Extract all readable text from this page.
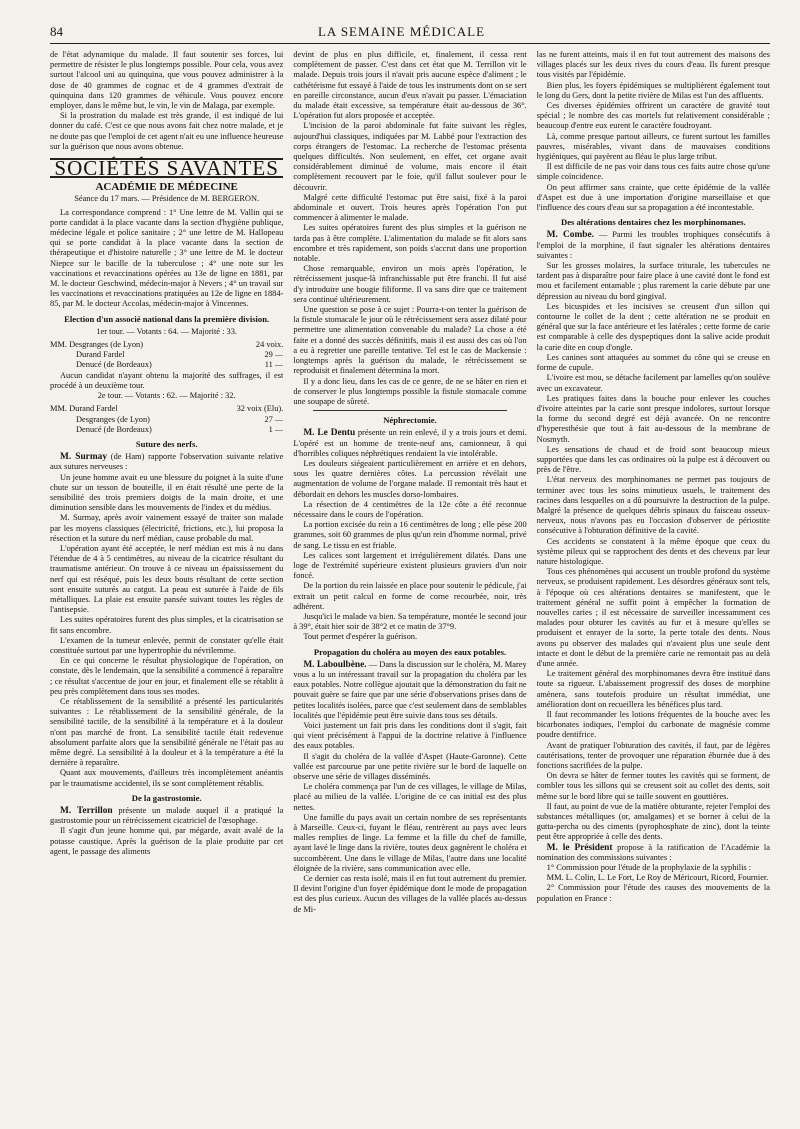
84	LA SEMAINE MÉDICALE

de l'état adynamique du malade. Il faut soutenir ses forces, lui permettre de résister le plus longtemps possible. Pour cela, vous avez surtout l'alcool uni au quinquina, que vous pouvez administrer à la dose de 40 grammes de cognac et de 4 grammes d'extrait de quinquina dans 120 grammes de véhicule. Vous pouvez encore employer, dans le même but, le vin, le vin de Malaga, par exemple.

Si la prostration du malade est très grande, il est indiqué de lui donner du café. C'est ce que nous avons fait chez notre malade, et je ne doute pas que l'emploi de cet agent n'ait eu une influence heureuse sur la guérison que nous avons obtenue.

SOCIÉTÉS SAVANTES
ACADÉMIE DE MÉDECINE
Séance du 17 mars. — Présidence de M. BERGERON.

La correspondance comprend : 1° Une lettre de M. Vallin qui se porte candidat à la place vacante dans la section d'hygiène publique, médecine légale et police sanitaire ; 2° une lettre de M. Hallopeau qui se porte candidat à la place vacante dans la section de thérapeutique et d'histoire naturelle ; 3° une lettre de M. le docteur Niepce sur le bacille de la tuberculose ; 4° une note sur les vaccinations et revaccinations opérées au 13e de ligne en 1881, par M. le docteur Geschwind, médecin-major à Nevers ; 4° un travail sur les vaccinations et revaccinations pratiquées au 12e de ligne en 1884-85, par M. le docteur Accolas, médecin-major à Vincennes.

Election d'un associé national dans la première division.
1er tour. — Votants : 64. — Majorité : 33.
MM. Desgranges (de Lyon)	24 voix.
Durand Fardel	29 —
Denucé (de Bordeaux)	11 —

Aucun candidat n'ayant obtenu la majorité des suffrages, il est procédé à un deuxième tour.

2e tour. — Votants : 62. — Majorité : 32.
MM. Durand Fardel	32 voix (Elu).
Desgranges (de Lyon)	27 —
Denucé (de Bordeaux)	1 —
Suture des nerfs.

M. Surmay (de Ham) rapporte l'observation suivante relative aux sutures nerveuses :

Un jeune homme avait eu une blessure du poignet à la suite d'une chute sur un tesson de bouteille, il en était résulté une perte de la sensibilité des trois premiers doigts de la main droite, et une diminution sensible dans les mouvements de l'index et du médius.

M. Surmay, après avoir vainement essayé de traiter son malade par les moyens classiques (électricité, frictions, etc.), lui proposa la résection et la suture du nerf médian, cause probable du mal.

L'opération ayant été acceptée, le nerf médian est mis à nu dans l'étendue de 4 à 5 centimètres, au niveau de la cicatrice résultant du traumatisme antérieur. On trouve à ce niveau un épaississement du nerf qui est réséqué, puis les deux bouts résultant de cette section sont ensuite suturés au catgut. La peau est suturée à l'aide de fils métalliques. La plaie est ensuite pansée suivant toutes les règles de l'antisepsie.

Les suites opératoires furent des plus simples, et la cicatrisation se fit sans encombre.

L'examen de la tumeur enlevée, permit de constater qu'elle était constituée surtout par une hypertrophie du névrilemme.

En ce qui concerne le résultat physiologique de l'opération, on constate, dès le lendemain, que la sensibilité a commencé à reparaître ; ce résultat s'accentue de jour en jour, et finalement elle se rétablit à peu près complètement dans tous ses modes.

Ce rétablissement de la sensibilité a présenté les particularités suivantes : Le rétablissement de la sensibilité générale, de la sensibilité tactile, de la sensibilité à la température et à la douleur n'ont pas marché de front. La sensibilité tactile était redevenue absolument parfaite alors que la sensibilité générale ne l'était pas au même degré. La sensibilité à la douleur et à la température a été la dernière à reparaître.

Quant aux mouvements, d'ailleurs très incomplètement anéantis par le traumatisme accidentel, ils se sont complètement rétablis.

De la gastrostomie.

M. Terrillon présente un malade auquel il a pratiqué la gastrostomie pour un rétrécissement cicatriciel de l'œsophage.

Il s'agit d'un jeune homme qui, par mégarde, avait avalé de la potasse caustique. Après la guérison de la plaie produite par cet agent, le passage des aliments

devint de plus en plus difficile, et, finalement, il cessa rent complètement de passer. C'est dans cet état que M. Terrillon vit le malade. Depuis trois jours il n'avait pris aucune espèce d'aliment ; le cathétérisme fut essayé à l'aide de tous les instruments dont on se sert en pareille circonstance, aucun d'eux n'avait pu passer. L'émaciation du malade était excessive, sa température était au-dessous de 36°. L'opération fut alors proposée et acceptée.

L'incision de la paroi abdominale fut faite suivant les règles, aujourd'hui classiques, indiquées par M. Labbé pour l'extraction des corps étrangers de l'estomac. La recherche de l'estomac présenta quelques difficultés. Non seulement, en effet, cet organe avait considérablement diminué de volume, mais encore il était complètement recouvert par le foie, qu'il fallut soulever pour le découvrir.

Malgré cette difficulté l'estomac put être saisi, fixé à la paroi abdominale et ouvert. Trois heures après l'opération l'on put commencer à alimenter le malade.

Les suites opératoires furent des plus simples et la guérison ne tarda pas à être complète. L'alimentation du malade se fit alors sans encombre et très rapidement, son poids s'accrut dans une proportion notable.

Chose remarquable, environ un mois après l'opération, le rétrécissement jusque-là infranchissable put être franchi. Il fut aisé d'y introduire une bougie filiforme. Il va sans dire que ce traitement sera continué ultérieurement.

Une question se pose à ce sujet : Pourra-t-on tenter la guérison de la fistule stomacale le jour où le rétrécissement sera assez dilaté pour permettre une alimentation convenable du malade? La chose a été faite et a donné des succès définitifs, mais il est aussi des cas où l'on a eu à regretter une pareille tentative. Tel est le cas de Mackensie : longtemps après la guérison du malade, le rétrécissement se reproduisit et finalement détermina la mort.

Il y a donc lieu, dans les cas de ce genre, de ne se hâter en rien et de conserver le plus longtemps possible la fistule stomacale comme une soupape de sûreté.

Néphrectomie.

M. Le Dentu présente un rein enlevé, il y a trois jours et demi. L'opéré est un homme de trente-neuf ans, camionneur, â qui d'horribles coliques néphrétiques rendaient la vie intolérable.

Les douleurs siégeaient particulièrement en arrière et en dehors, sous les quatre dernières côtes. La percussion révélait une augmentation de volume de l'organe malade. Il remontait très haut et débordait en dehors les muscles dorso-lombaires.

La résection de 4 centimètres de la 12e côte a été reconnue nécessaire dans le cours de l'opération.

La portion excisée du rein a 16 centimètres de long ; elle pèse 200 grammes, soit 60 grammes de plus qu'un rein d'homme normal, privé de sang. Le tissu en est friable.

Les calices sont largement et irrégulièrement dilatés. Dans une loge de l'extrémité supérieure existent plusieurs graviers d'un noir foncé.

De la portion du rein laissée en place pour soutenir le pédicule, j'ai extrait un petit calcul en forme de corne recourbée, noir, très adhérent.

Jusqu'ici le malade va bien. Sa température, montée le second jour à 39°, était hier soir de 38°2 et ce matin de 37°9.

Tout permet d'espérer la guérison.

Propagation du choléra au moyen des eaux potables.

M. Laboulbène. — Dans la discussion sur le choléra, M. Marey vous a lu un intéressant travail sur la propagation du choléra par les eaux potables. Notre collègue ajoutait que la démonstration du fait ne pouvait guère se faire que par une série d'observations prises dans de petites localités isolées, parce que c'est seulement dans de semblables localités que l'épidémie peut être suivie dans tous ses détails.

Voici justement un fait pris dans les conditions dont il s'agit, fait qui vient précisément à l'appui de la doctrine relative à l'influence des eaux potables.

Il s'agit du choléra de la vallée d'Aspet (Haute-Garonne). Cette vallée est parcourue par une petite rivière sur le bord de laquelle on observe une série de villages disséminés.

Le choléra commença par l'un de ces villages, le village de Milas, placé au milieu de la vallée. L'origine de ce cas initial est des plus nettes.

Une famille du pays avait un certain nombre de ses représentants à Marseille. Ceux-ci, fuyant le fléau, rentrèrent au pays avec leurs malles remplies de linge. La femme et la fille du chef de famille, ayant lavé le linge dans la rivière, toutes deux gagnèrent le choléra et succombèrent. Une dans le village de Milas, l'autre dans une localité éloignée de la rivière, sans communication avec elle.

Ce dernier cas resta isolé, mais il en fut tout autrement du premier. Il devint l'origine d'un foyer épidémique dont le mode de propagation est des plus curieux. Aucun des villages de la vallée placés au-dessus de Mi-

las ne furent atteints, mais il en fut tout autrement des maisons des villages placés sur les deux rives du cours d'eau. Ils furent presque tous visités par l'épidémie.

Bien plus, les foyers épidémiques se multiplièrent également tout le long du Gers, dont la petite rivière de Milas est l'un des affluents.

Ces diverses épidémies offrirent un caractère de gravité tout spécial ; le nombre des cas mortels fut relativement considérable ; beaucoup d'entre eux eurent le caractère foudroyant.

Là, comme presque partout ailleurs, ce furent surtout les familles pauvres, misérables, vivant dans de mauvaises conditions hygiéniques, qui payèrent au fléau le plus large tribut.

Il est difficile de ne pas voir dans tous ces faits autre chose qu'une simple coïncidence.

On peut affirmer sans crainte, que cette épidémie de la vallée d'Aspet est due à une importation d'origine marseillaise et que l'influence des cours d'eau sur sa propagation a été incontestable.

Des altérations dentaires chez les morphinomanes.

M. Combe. — Parmi les troubles trophiques consécutifs à l'emploi de la morphine, il faut signaler les altérations dentaires suivantes :

Sur les grosses molaires, la surface triturale, les tubercules ne tardent pas à disparaître pour faire place à une cavité dont le fond est mou et facilement entamable ; plus rarement la carie débute par une dépression au niveau du bord gingival.

Les bicuspides et les incisives se creusent d'un sillon qui contourne le collet de la dent ; cette altération ne se produit en général que sur la face antérieure et les latérales ; cette forme de carie est comparable à celle des dyspeptiques dont la salive acide produit la carie dite en coup d'ongle.

Les canines sont attaquées au sommet du cône qui se creuse en forme de cupule.

L'ivoire est mou, se détache facilement par lamelles qu'on soulève avec un excavateur.

Les pratiques faites dans la bouche pour enlever les couches d'ivoire atteintes par la carie sont presque indolores, surtout lorsque la forme du second degré est déjà avancée. On ne rencontre d'hyperesthésie que tout à fait au-dessous de la membrane de Nosmyth.

Les sensations de chaud et de froid sont beaucoup mieux supportées que dans les cas ordinaires où la pulpe est à découvert ou près de l'être.

L'état nerveux des morphinomanes ne permet pas toujours de terminer avec tous les soins minutieux usuels, le traitement des racines dans lesquelles on a dû poursuivre la destruction de la pulpe. Malgré la présence de quelques débris spinaux du faisceau osseux-nerveux, nous n'avons pas eu l'occasion d'observer de périostite consécutive à l'obturation définitive de la cavité.

Ces accidents se constatent à la même époque que ceux du système pileux qui se rapprochent des dents et des cheveux par leur nature histologique.

Tous ces phénomènes qui accusent un trouble profond du système nerveux, se produisent rapidement. Les désordres généraux sont tels, à l'époque où ces altérations dentaires se manifestent, que le traitement général ne suffit point à empêcher la formation de nouvelles caries ; il est nécessaire de surveiller incessamment ces malades pour obturer les cavités au fur et à mesure qu'elles se produisent et enrayer de la sorte, la perte totale des dents. Nous avons pu observer des malades qui n'avaient plus une seule dent intacte et dont le début de la première carie ne remontait pas au delà d'une année.

Le traitement général des morphinomanes devra être institué dans toute sa rigueur. L'abaissement progressif des doses de morphine amènera, sans toutefois produire un résultat immédiat, une amélioration dont on recueillera les bénéfices plus tard.

Il faut recommander les lotions fréquentes de la bouche avec les bicarbonates iodiques, l'emploi du carbonate de magnésie comme poudre dentifrice.

Avant de pratiquer l'obturation des cavités, il faut, par de légères cautérisations, tenter de provoquer une réparation éburnée due à des fonctions sacrifiées de la pulpe.

On devra se hâter de fermer toutes les cavités qui se forment, de combler tous les sillons qui se creusent soit au collet des dents, soit même sur le bord libre qui se taille souvent en gouttières.

Il faut, au point de vue de la matière obturante, rejeter l'emploi des substances métalliques (or, amalgames) et se borner à celui de la gutta-percha ou des ciments (pyrophosphate de zinc), dont la teinte peut être appropriée à celle des dents.

M. le Président propose à la ratification de l'Académie la nomination des commissions suivantes :

1° Commission pour l'étude de la prophylaxie de la syphilis :

MM. L. Colin, L. Le Fort, Le Roy de Méricourt, Ricord, Fournier.

2° Commission pour l'étude des causes des mouvements de la population en France :
